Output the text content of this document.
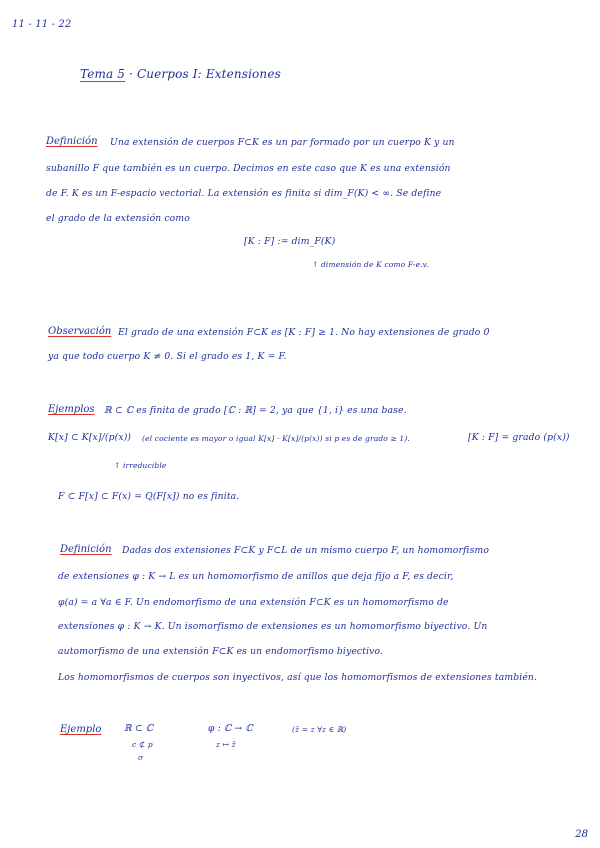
11 - 11 - 22
Tema 5 · Cuerpos I: Extensiones
Definición Una extensión de cuerpos F⊂K es un par formado por un cuerpo K y un
subanillo F que también es un cuerpo. Decimos en este caso que K es una extensión
de F. K es un F-espacio vectorial. La extensión es finita si dim_F(K) < ∞. Se define
el grado de la extensión como
[K : F] := dim_F(K)
↑ dimensión de K como F-e.v.
Observación El grado de una extensión F⊂K es [K : F] ≥ 1. No hay extensiones de grado 0
ya que todo cuerpo K ≠ 0. Si el grado es 1, K = F.
Ejemplos ℝ ⊂ ℂ es finita de grado [ℂ : ℝ] = 2, ya que {1, i} es una base.
K[x] ⊂ K[x]/(p(x)) (el cociente es mayor o igual K[x] · K[x]/(p(x)) si p es de grado ≥ 1).	[K : F] = grado (p(x))
↑ irreducible
F ⊂ F[x] ⊂ F(x) = Q(F[x]) no es finita.
Definición Dadas dos extensiones F⊂K y F⊂L de un mismo cuerpo F, un homomorfismo
de extensiones φ : K → L es un homomorfismo de anillos que deja fijo a F, es decir,
φ(a) = a ∀a ∈ F. Un endomorfismo de una extensión F⊂K es un homomorfismo de
extensiones φ : K → K. Un isomorfismo de extensiones es un homomorfismo biyectivo. Un
automorfismo de una extensión F⊂K es un endomorfismo biyectivo.
Los homomorfismos de cuerpos son inyectivos, así que los homomorfismos de extensiones también.
Ejemplo ℝ ⊂ ℂ
c ⊄ p
σ
φ : ℂ → ℂ
z ↦ z̄
(z̄ = z ∀z ∈ ℝ)
28
